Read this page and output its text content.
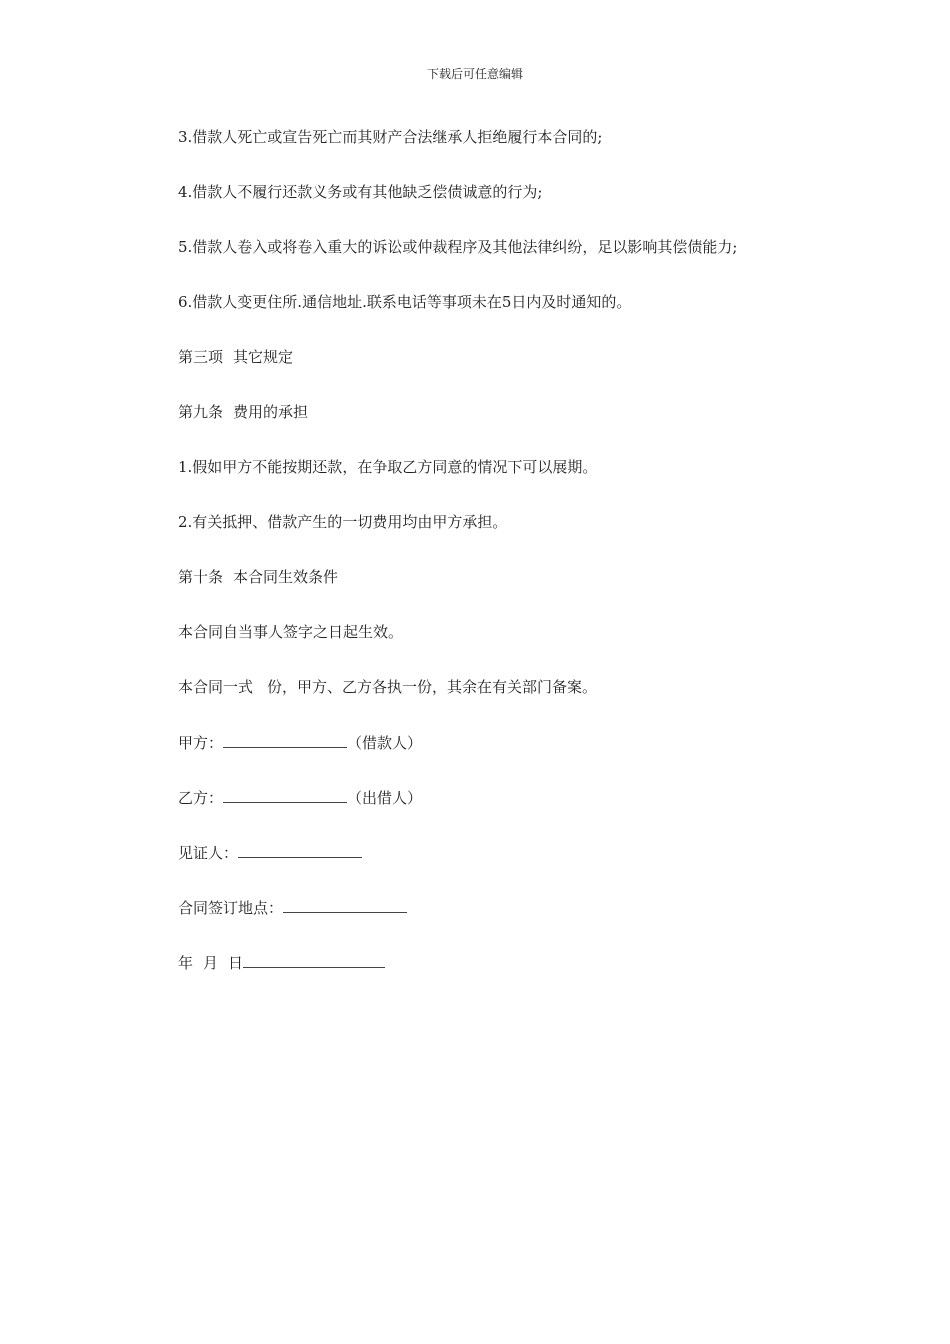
下载后可任意编辑
3.借款人死亡或宣告死亡而其财产合法继承人拒绝履行本合同的;
4.借款人不履行还款义务或有其他缺乏偿债诚意的行为;
5.借款人卷入或将卷入重大的诉讼或仲裁程序及其他法律纠纷，足以影响其偿债能力;
6.借款人变更住所.通信地址.联系电话等事项未在5日内及时通知的。
第三项 其它规定
第九条 费用的承担
1.假如甲方不能按期还款，在争取乙方同意的情况下可以展期。
2.有关抵押、借款产生的一切费用均由甲方承担。
第十条 本合同生效条件
本合同自当事人签字之日起生效。
本合同一式 份，甲方、乙方各执一份，其余在有关部门备案。
甲方：	（借款人）
乙方：	（出借人）
见证人：
合同签订地点：
年 月 日
